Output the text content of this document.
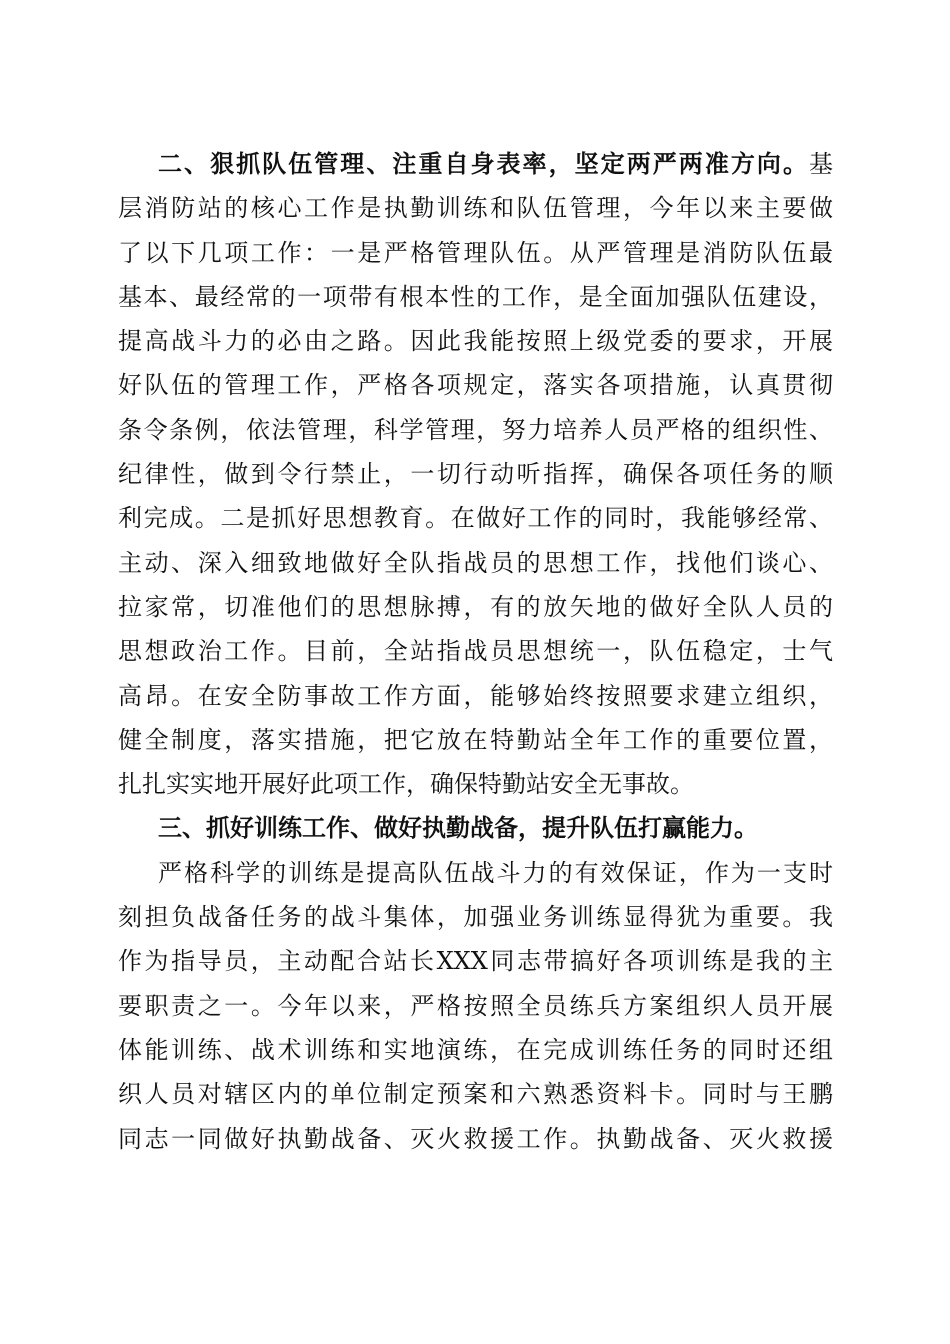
二、狠抓队伍管理、注重自身表率，坚定两严两准方向。基
层消防站的核心工作是执勤训练和队伍管理，今年以来主要做
了以下几项工作：一是严格管理队伍。从严管理是消防队伍最
基本、最经常的一项带有根本性的工作，是全面加强队伍建设，
提高战斗力的必由之路。因此我能按照上级党委的要求，开展
好队伍的管理工作，严格各项规定，落实各项措施，认真贯彻
条令条例，依法管理，科学管理，努力培养人员严格的组织性、
纪律性，做到令行禁止，一切行动听指挥，确保各项任务的顺
利完成。二是抓好思想教育。在做好工作的同时，我能够经常、
主动、深入细致地做好全队指战员的思想工作，找他们谈心、
拉家常，切准他们的思想脉搏，有的放矢地的做好全队人员的
思想政治工作。目前，全站指战员思想统一，队伍稳定，士气
高昂。在安全防事故工作方面，能够始终按照要求建立组织，
健全制度，落实措施，把它放在特勤站全年工作的重要位置，
扎扎实实地开展好此项工作，确保特勤站安全无事故。
三、抓好训练工作、做好执勤战备，提升队伍打赢能力。
严格科学的训练是提高队伍战斗力的有效保证，作为一支时
刻担负战备任务的战斗集体，加强业务训练显得犹为重要。我
作为指导员，主动配合站长XXX同志带搞好各项训练是我的主
要职责之一。今年以来，严格按照全员练兵方案组织人员开展
体能训练、战术训练和实地演练，在完成训练任务的同时还组
织人员对辖区内的单位制定预案和六熟悉资料卡。同时与王鹏
同志一同做好执勤战备、灭火救援工作。执勤战备、灭火救援
